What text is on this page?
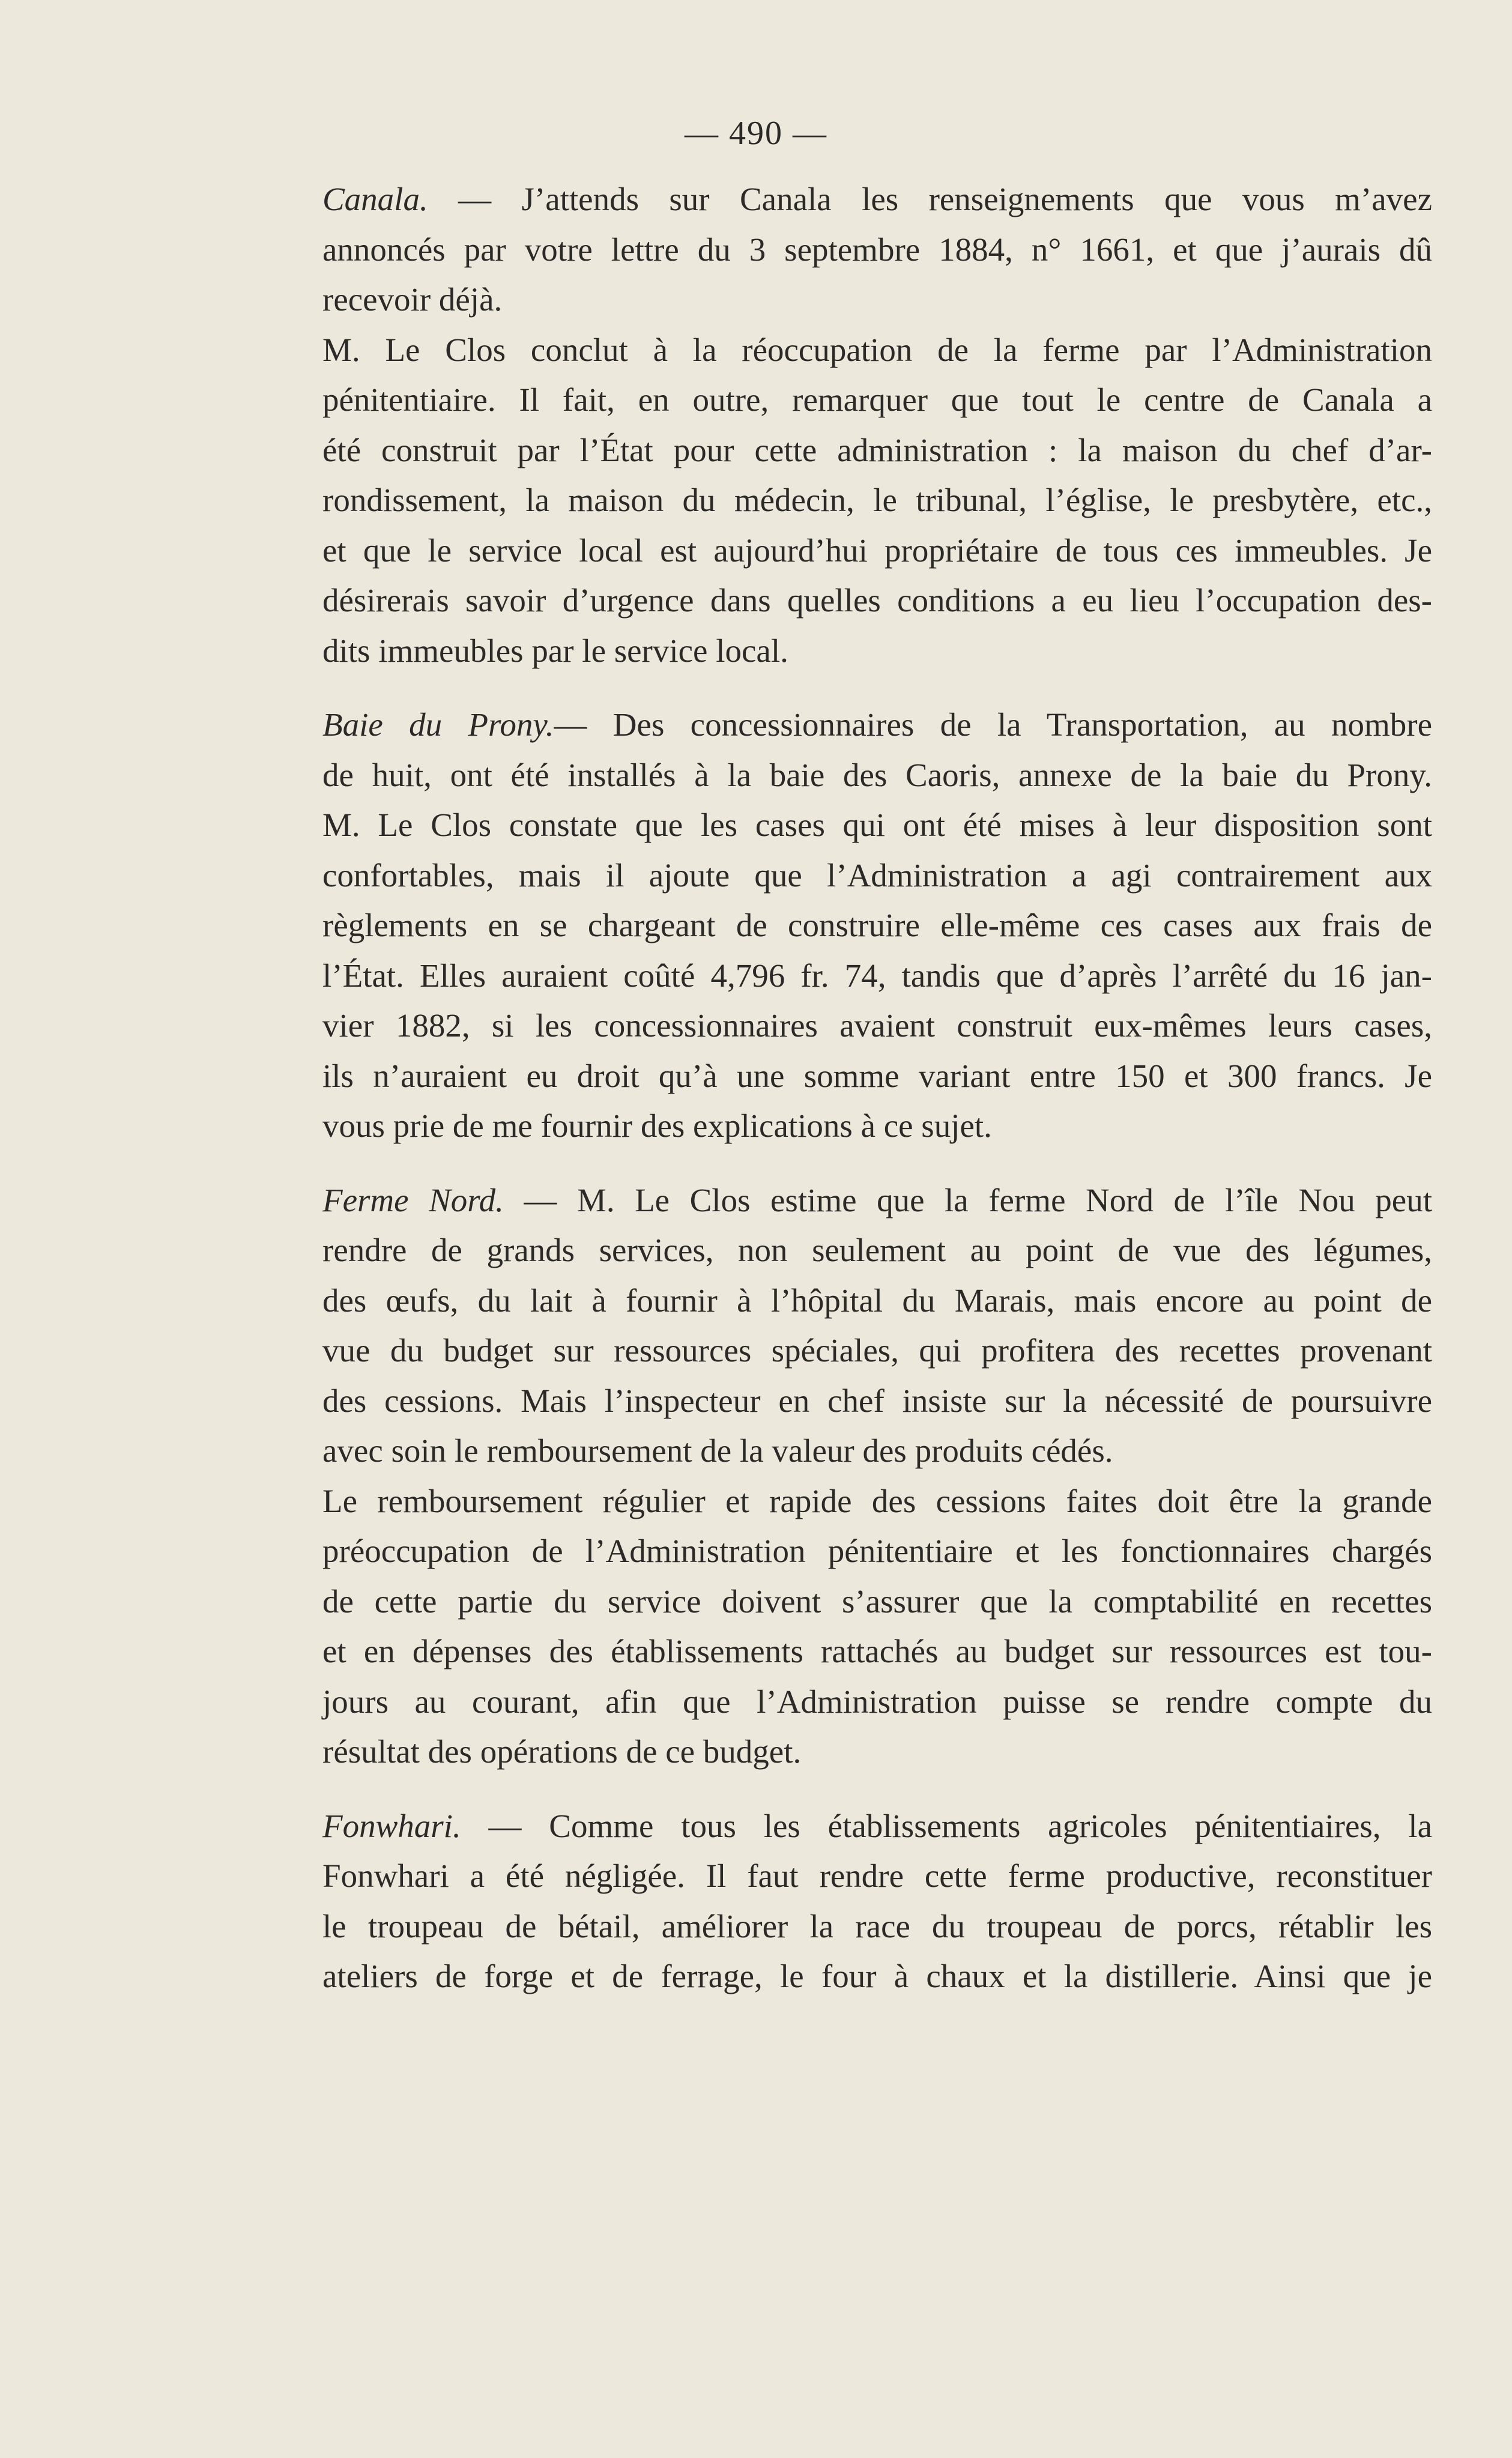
— 490 —

Canala. — J’attends sur Canala les renseignements que vous m’avez
annoncés par votre lettre du 3 septembre 1884, n° 1661, et que j’aurais dû
recevoir déjà.

M. Le Clos conclut à la réoccupation de la ferme par l’Administration
pénitentiaire. Il fait, en outre, remarquer que tout le centre de Canala a
été construit par l’État pour cette administration : la maison du chef d’ar-
rondissement, la maison du médecin, le tribunal, l’église, le presbytère, etc.,
et que le service local est aujourd’hui propriétaire de tous ces immeubles. Je
désirerais savoir d’urgence dans quelles conditions a eu lieu l’occupation des-
dits immeubles par le service local.

Baie du Prony.— Des concessionnaires de la Transportation, au nombre
de huit, ont été installés à la baie des Caoris, annexe de la baie du Prony.
M. Le Clos constate que les cases qui ont été mises à leur disposition sont
confortables, mais il ajoute que l’Administration a agi contrairement aux
règlements en se chargeant de construire elle-même ces cases aux frais de
l’État. Elles auraient coûté 4,796 fr. 74, tandis que d’après l’arrêté du 16 jan-
vier 1882, si les concessionnaires avaient construit eux-mêmes leurs cases,
ils n’auraient eu droit qu’à une somme variant entre 150 et 300 francs. Je
vous prie de me fournir des explications à ce sujet.

Ferme Nord. — M. Le Clos estime que la ferme Nord de l’île Nou peut
rendre de grands services, non seulement au point de vue des légumes,
des œufs, du lait à fournir à l’hôpital du Marais, mais encore au point de
vue du budget sur ressources spéciales, qui profitera des recettes provenant
des cessions. Mais l’inspecteur en chef insiste sur la nécessité de poursuivre
avec soin le remboursement de la valeur des produits cédés.

Le remboursement régulier et rapide des cessions faites doit être la grande
préoccupation de l’Administration pénitentiaire et les fonctionnaires chargés
de cette partie du service doivent s’assurer que la comptabilité en recettes
et en dépenses des établissements rattachés au budget sur ressources est tou-
jours au courant, afin que l’Administration puisse se rendre compte du
résultat des opérations de ce budget.

Fonwhari. — Comme tous les établissements agricoles pénitentiaires, la
Fonwhari a été négligée. Il faut rendre cette ferme productive, reconstituer
le troupeau de bétail, améliorer la race du troupeau de porcs, rétablir les
ateliers de forge et de ferrage, le four à chaux et la distillerie. Ainsi que je
